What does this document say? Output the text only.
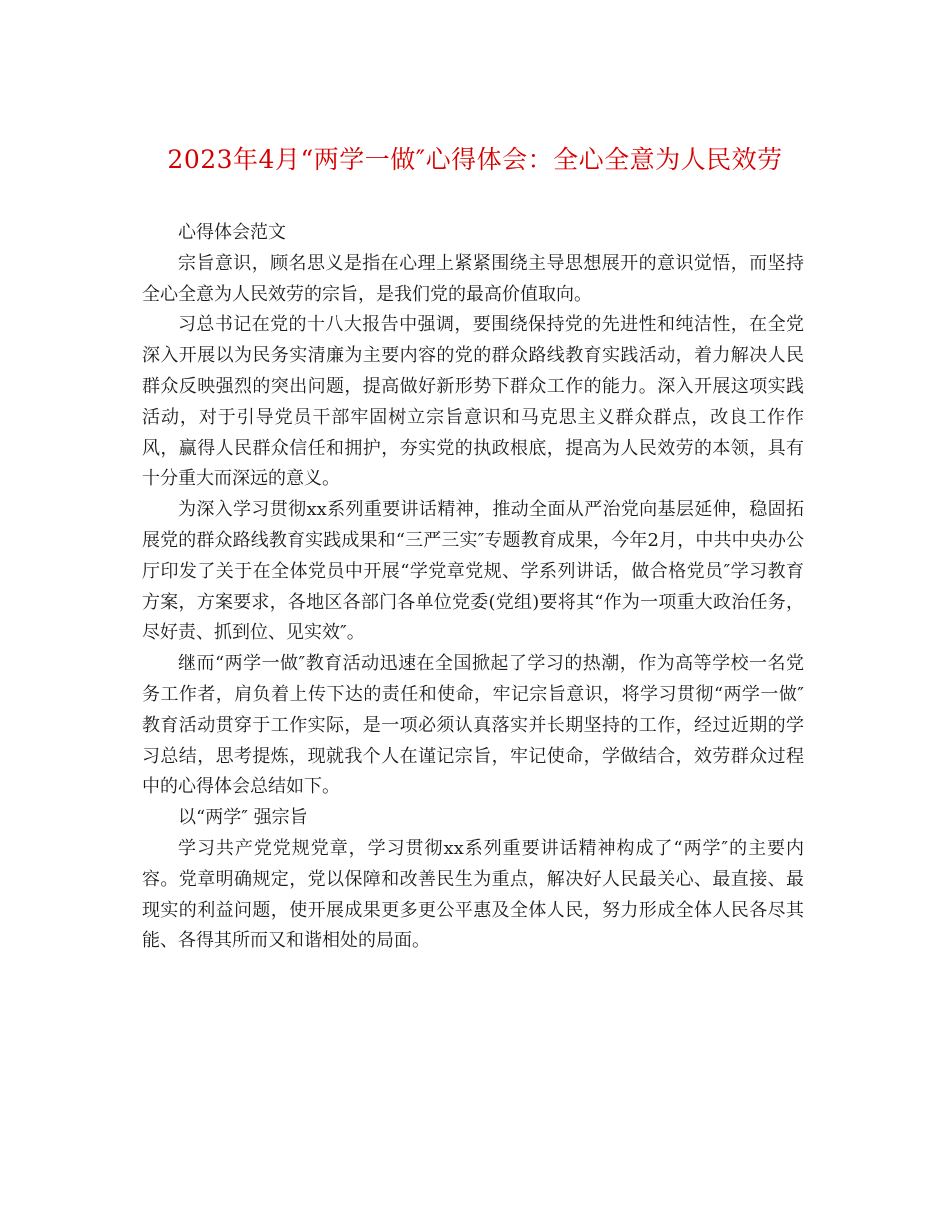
2023年4月“两学一做″心得体会：全心全意为人民效劳

心得体会范文

宗旨意识，顾名思义是指在心理上紧紧围绕主导思想展开的意识觉悟，而坚持全心全意为人民效劳的宗旨，是我们党的最高价值取向。

习总书记在党的十八大报告中强调，要围绕保持党的先进性和纯洁性，在全党深入开展以为民务实清廉为主要内容的党的群众路线教育实践活动，着力解决人民群众反映强烈的突出问题，提高做好新形势下群众工作的能力。深入开展这项实践活动，对于引导党员干部牢固树立宗旨意识和马克思主义群众群点，改良工作作风，赢得人民群众信任和拥护，夯实党的执政根底，提高为人民效劳的本领，具有十分重大而深远的意义。

为深入学习贯彻xx系列重要讲话精神，推动全面从严治党向基层延伸，稳固拓展党的群众路线教育实践成果和“三严三实″专题教育成果，今年2月，中共中央办公厅印发了关于在全体党员中开展“学党章党规、学系列讲话，做合格党员″学习教育方案，方案要求，各地区各部门各单位党委(党组)要将其“作为一项重大政治任务，尽好责、抓到位、见实效″。

继而“两学一做″教育活动迅速在全国掀起了学习的热潮，作为高等学校一名党务工作者，肩负着上传下达的责任和使命，牢记宗旨意识，将学习贯彻“两学一做″教育活动贯穿于工作实际，是一项必须认真落实并长期坚持的工作，经过近期的学习总结，思考提炼，现就我个人在谨记宗旨，牢记使命，学做结合，效劳群众过程中的心得体会总结如下。

以“两学″ 强宗旨

学习共产党党规党章，学习贯彻xx系列重要讲话精神构成了“两学″的主要内容。党章明确规定，党以保障和改善民生为重点，解决好人民最关心、最直接、最现实的利益问题，使开展成果更多更公平惠及全体人民，努力形成全体人民各尽其能、各得其所而又和谐相处的局面。
